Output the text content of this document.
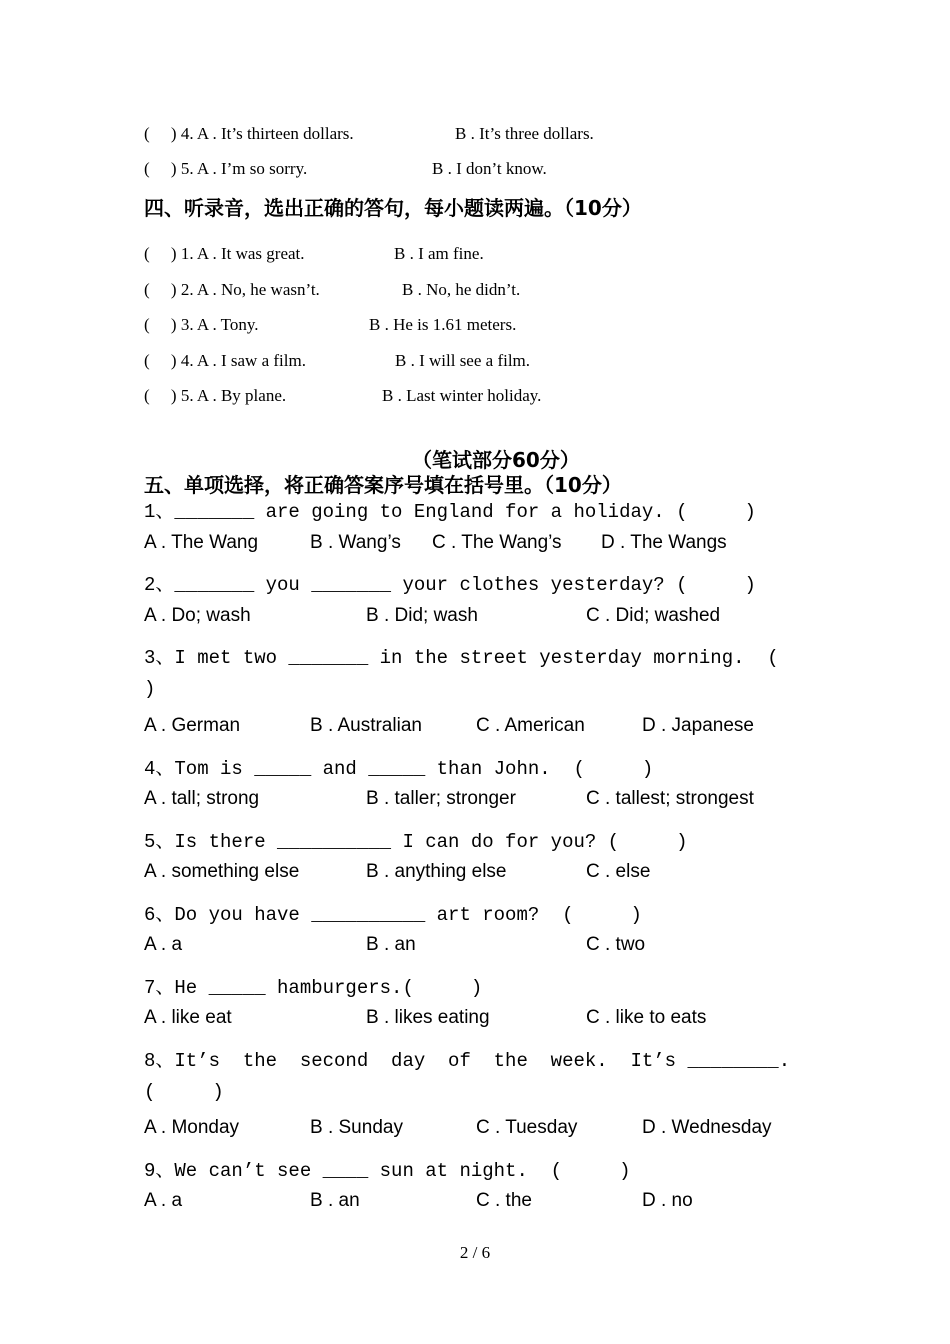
(     ) 4. A . It’s thirteen dollars.	B . It’s three dollars.
(     ) 5. A . I’m so sorry.	B . I don’t know.
四、听录音，选出正确的答句，每小题读两遍。（10分）
(     ) 1. A . It was great.	B . I am fine.
(     ) 2. A . No, he wasn’t.	B . No, he didn’t.
(     ) 3. A . Tony.	B . He is 1.61 meters.
(     ) 4. A . I saw a film.	B . I will see a film.
(     ) 5. A . By plane.	B . Last winter holiday.
（笔试部分60分）
五、单项选择，将正确答案序号填在括号里。（10分）
1、_______ are going to England for a holiday. (     )
A . The Wang	B . Wang’s C . The Wang’s D . The Wangs
2、_______ you _______ your clothes yesterday? (     )
A . Do; wash	B . Did; wash	C . Did; washed
3、I met two _______ in the street yesterday morning.  (
)
A . German	B . Australian	C . American	D . Japanese
4、Tom is _____ and _____ than John.  (     )
A . tall; strong	B . taller; stronger	C . tallest; strongest
5、Is there __________ I can do for you? (     )
A . something else	B . anything else	C . else
6、Do you have __________ art room?  (     )
A . a	B . an	C . two
7、He _____ hamburgers.(     )
A . like eat	B . likes eating	C . like to eats
8、It’s  the  second  day  of  the  week.  It’s ________.
(     )
A . Monday	B . Sunday	C . Tuesday	D . Wednesday
9、We can’t see ____ sun at night.  (     )
A . a	B . an	C . the	D . no
2 / 6
